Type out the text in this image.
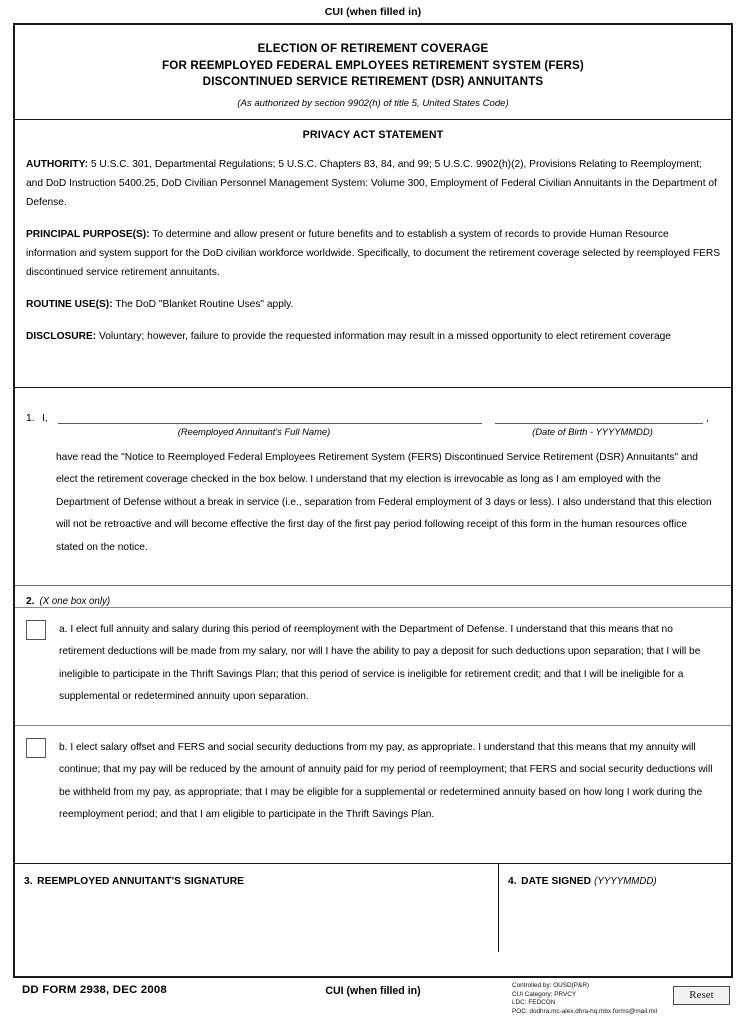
CUI (when filled in)
ELECTION OF RETIREMENT COVERAGE
FOR REEMPLOYED FEDERAL EMPLOYEES RETIREMENT SYSTEM (FERS)
DISCONTINUED SERVICE RETIREMENT (DSR) ANNUITANTS
(As authorized by section 9902(h) of title 5, United States Code)
PRIVACY ACT STATEMENT
AUTHORITY: 5 U.S.C. 301, Departmental Regulations; 5 U.S.C. Chapters 83, 84, and 99; 5 U.S.C. 9902(h)(2), Provisions Relating to Reemployment; and DoD Instruction 5400.25, DoD Civilian Personnel Management System: Volume 300, Employment of Federal Civilian Annuitants in the Department of Defense.
PRINCIPAL PURPOSE(S): To determine and allow present or future benefits and to establish a system of records to provide Human Resource information and system support for the DoD civilian workforce worldwide. Specifically, to document the retirement coverage selected by reemployed FERS discontinued service retirement annuitants.
ROUTINE USE(S): The DoD "Blanket Routine Uses" apply.
DISCLOSURE: Voluntary; however, failure to provide the requested information may result in a missed opportunity to elect retirement coverage
1. I,	,
(Reemployed Annuitant's Full Name)	(Date of Birth - YYYYMMDD)
have read the "Notice to Reemployed Federal Employees Retirement System (FERS) Discontinued Service Retirement (DSR) Annuitants" and elect the retirement coverage checked in the box below. I understand that my election is irrevocable as long as I am employed with the Department of Defense without a break in service (i.e., separation from Federal employment of 3 days or less). I also understand that this election will not be retroactive and will become effective the first day of the first pay period following receipt of this form in the human resources office stated on the notice.
2. (X one box only)
a. I elect full annuity and salary during this period of reemployment with the Department of Defense. I understand that this means that no retirement deductions will be made from my salary, nor will I have the ability to pay a deposit for such deductions upon separation; that I will be ineligible to participate in the Thrift Savings Plan; that this period of service is ineligible for retirement credit; and that I will be ineligible for a supplemental or redetermined annuity upon separation.
b. I elect salary offset and FERS and social security deductions from my pay, as appropriate. I understand that this means that my annuity will continue; that my pay will be reduced by the amount of annuity paid for my period of reemployment; that FERS and social security deductions will be withheld from my pay, as appropriate; that I may be eligible for a supplemental or redetermined annuity based on how long I work during the reemployment period; and that I am eligible to participate in the Thrift Savings Plan.
3. REEMPLOYED ANNUITANT'S SIGNATURE	4. DATE SIGNED (YYYYMMDD)
DD FORM 2938, DEC 2008	CUI (when filled in)	Controlled by: OUSD(P&R)
CUI Category: PRVCY
LDC: FEDCON
POC: dodhra.mc-alex.dhra-hq.mbx.forms@mail.mil
Reset
